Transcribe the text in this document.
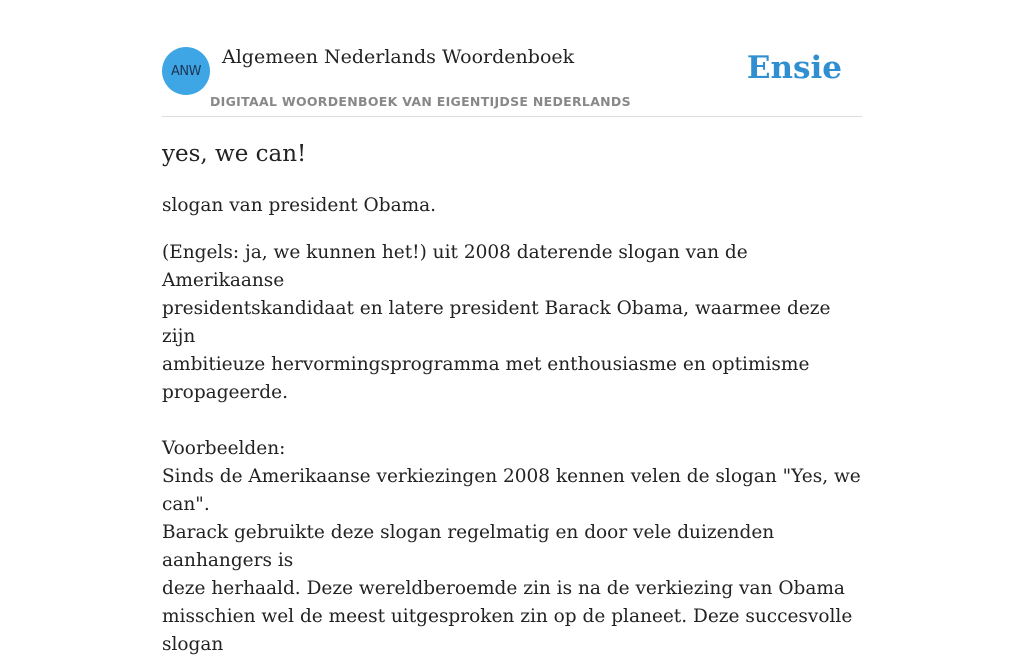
ANW
Algemeen Nederlands Woordenboek
DIGITAAL WOORDENBOEK VAN EIGENTIJDSE NEDERLANDS
Ensie
yes, we can!
slogan van president Obama.

(Engels: ja, we kunnen het!) uit 2008 daterende slogan van de Amerikaanse

presidentskandidaat en latere president Barack Obama, waarmee deze zijn

ambitieuze hervormingsprogramma met enthousiasme en optimisme

propageerde.

Voorbeelden:

Sinds de Amerikaanse verkiezingen 2008 kennen velen de slogan "Yes, we can".

Barack gebruikte deze slogan regelmatig en door vele duizenden aanhangers is

deze herhaald. Deze wereldberoemde zin is na de verkiezing van Obama

misschien wel de meest uitgesproken zin op de planeet. Deze succesvolle slogan
